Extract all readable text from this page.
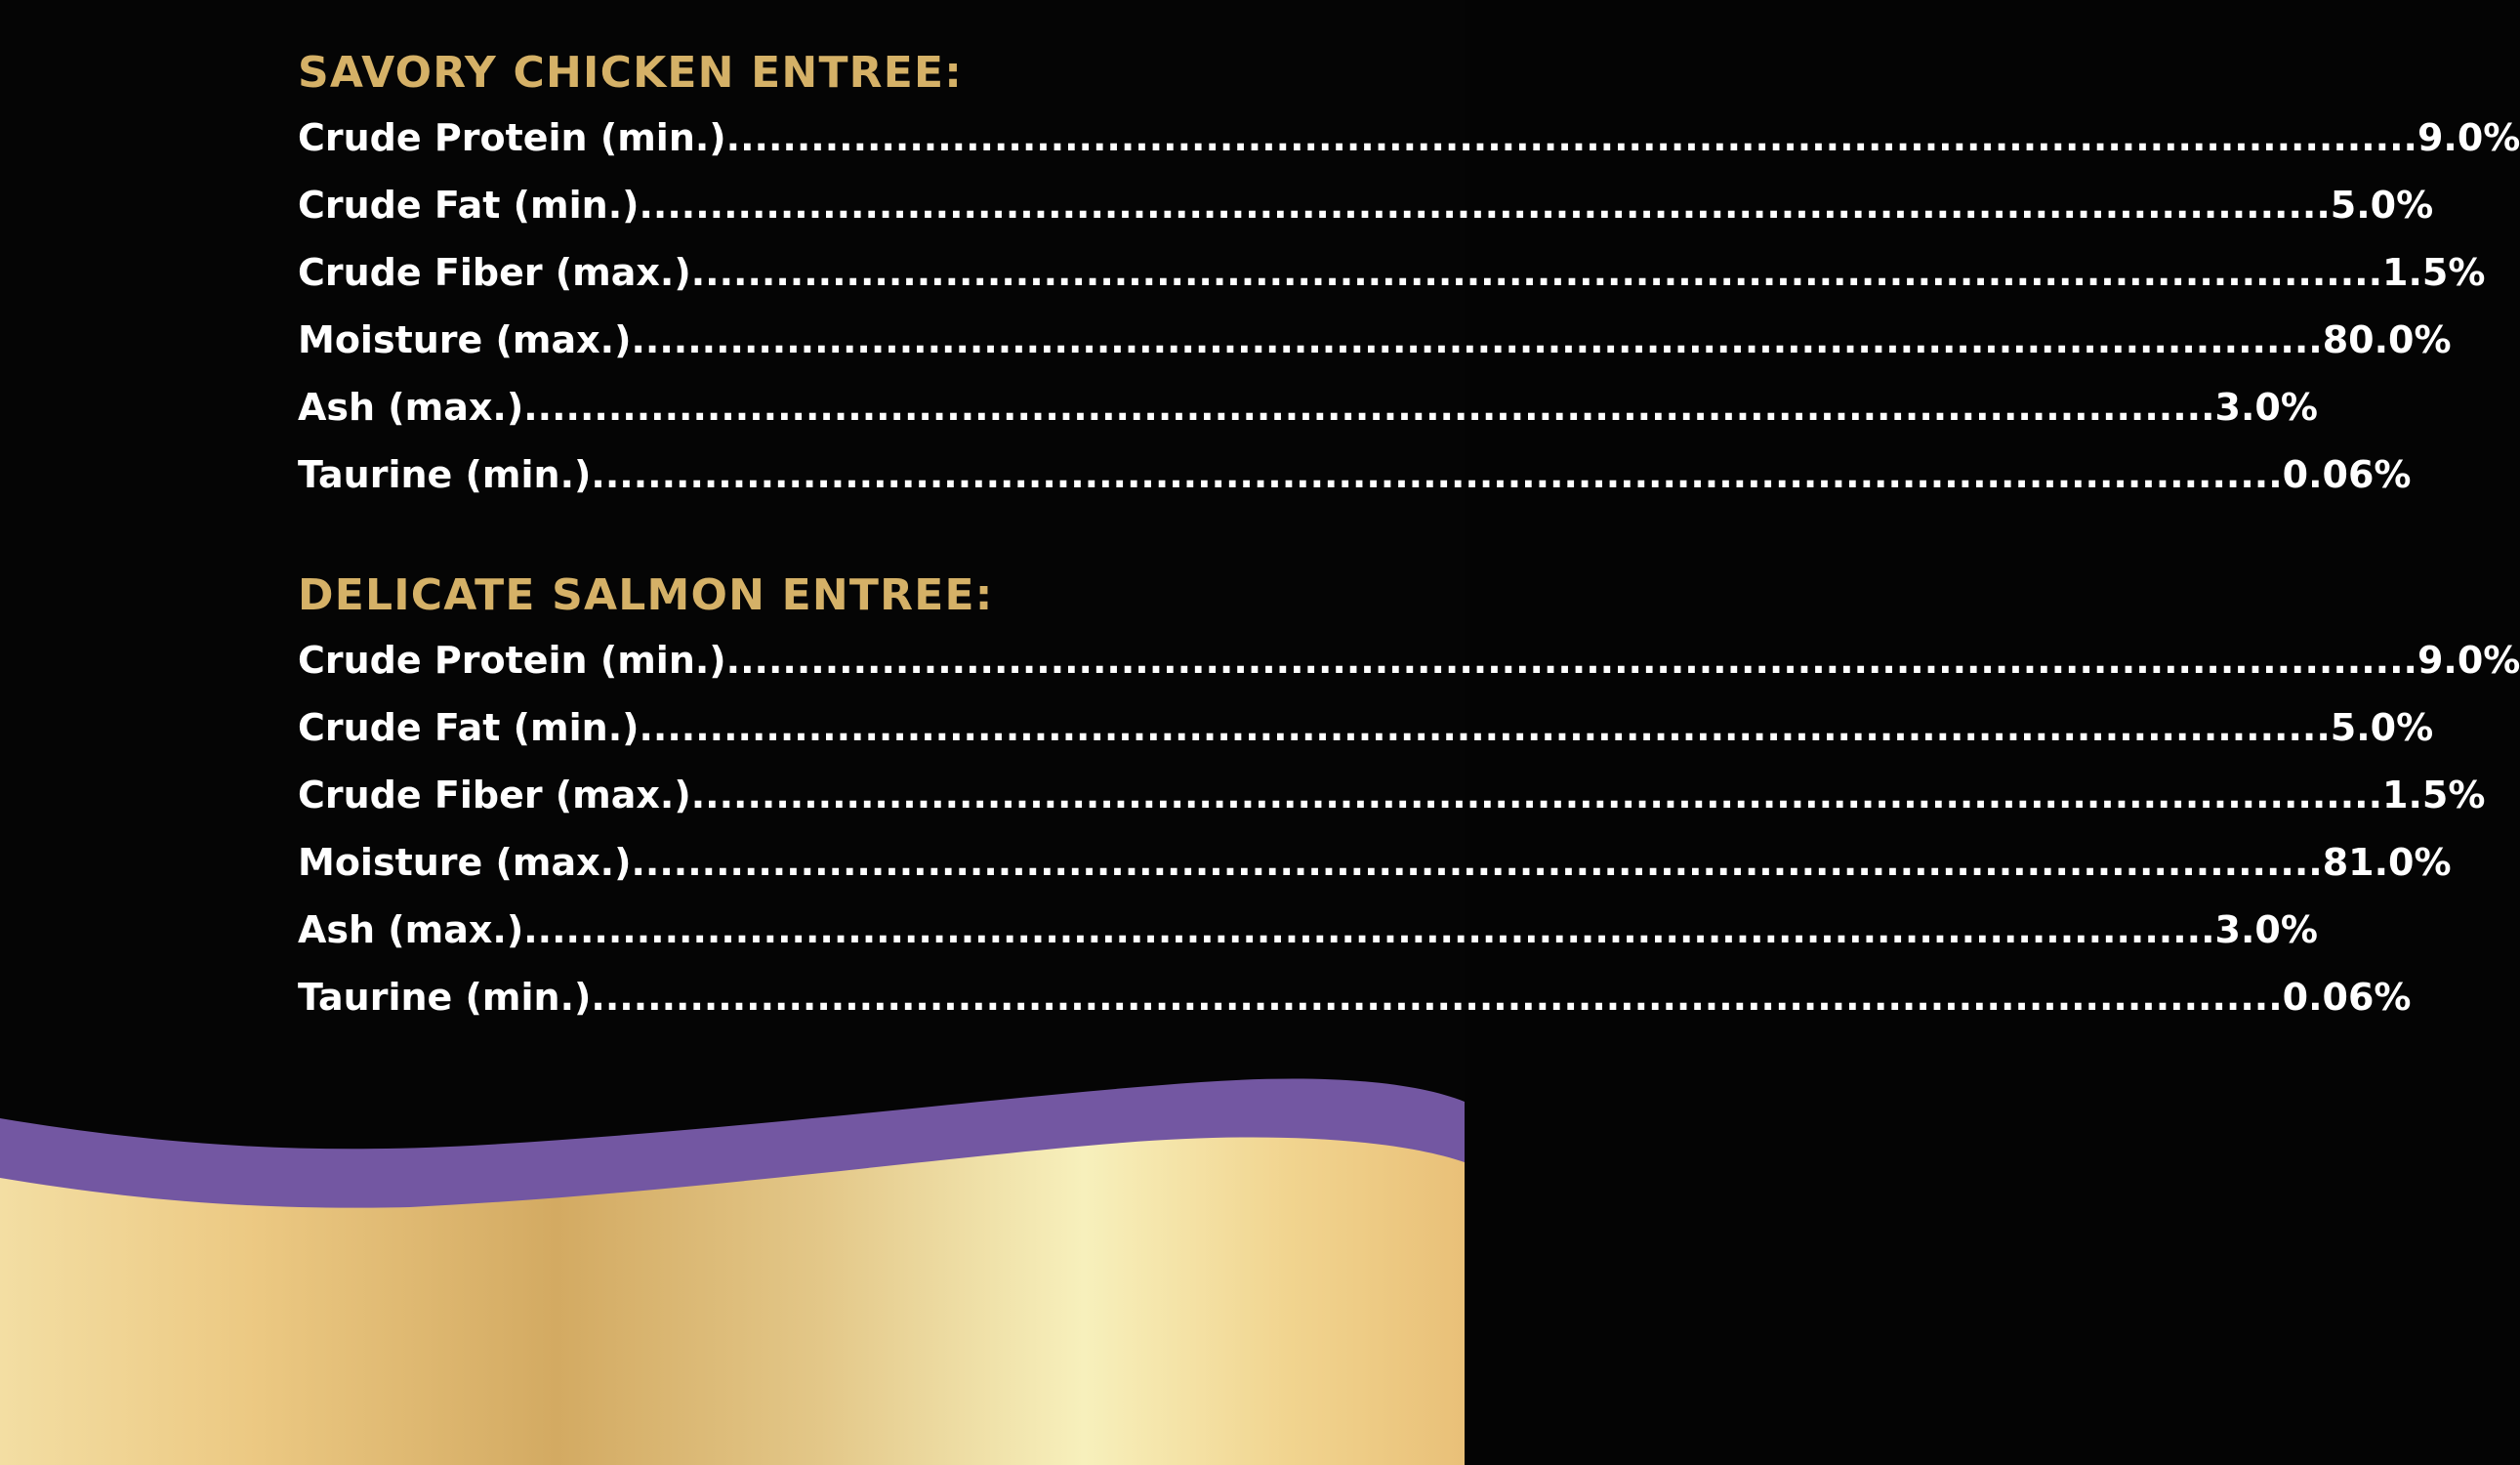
SAVORY CHICKEN ENTREE:
Crude Protein (min.) ........................................................................................................................ 9.0%
Crude Fat (min.) ........................................................................................................................ 5.0%
Crude Fiber (max.) ........................................................................................................................ 1.5%
Moisture (max.) ........................................................................................................................ 80.0%
Ash (max.) ........................................................................................................................ 3.0%
Taurine (min.) ........................................................................................................................ 0.06%
DELICATE SALMON ENTREE:
Crude Protein (min.) ........................................................................................................................ 9.0%
Crude Fat (min.) ........................................................................................................................ 5.0%
Crude Fiber (max.) ........................................................................................................................ 1.5%
Moisture (max.) ........................................................................................................................ 81.0%
Ash (max.) ........................................................................................................................ 3.0%
Taurine (min.) ........................................................................................................................ 0.06%
